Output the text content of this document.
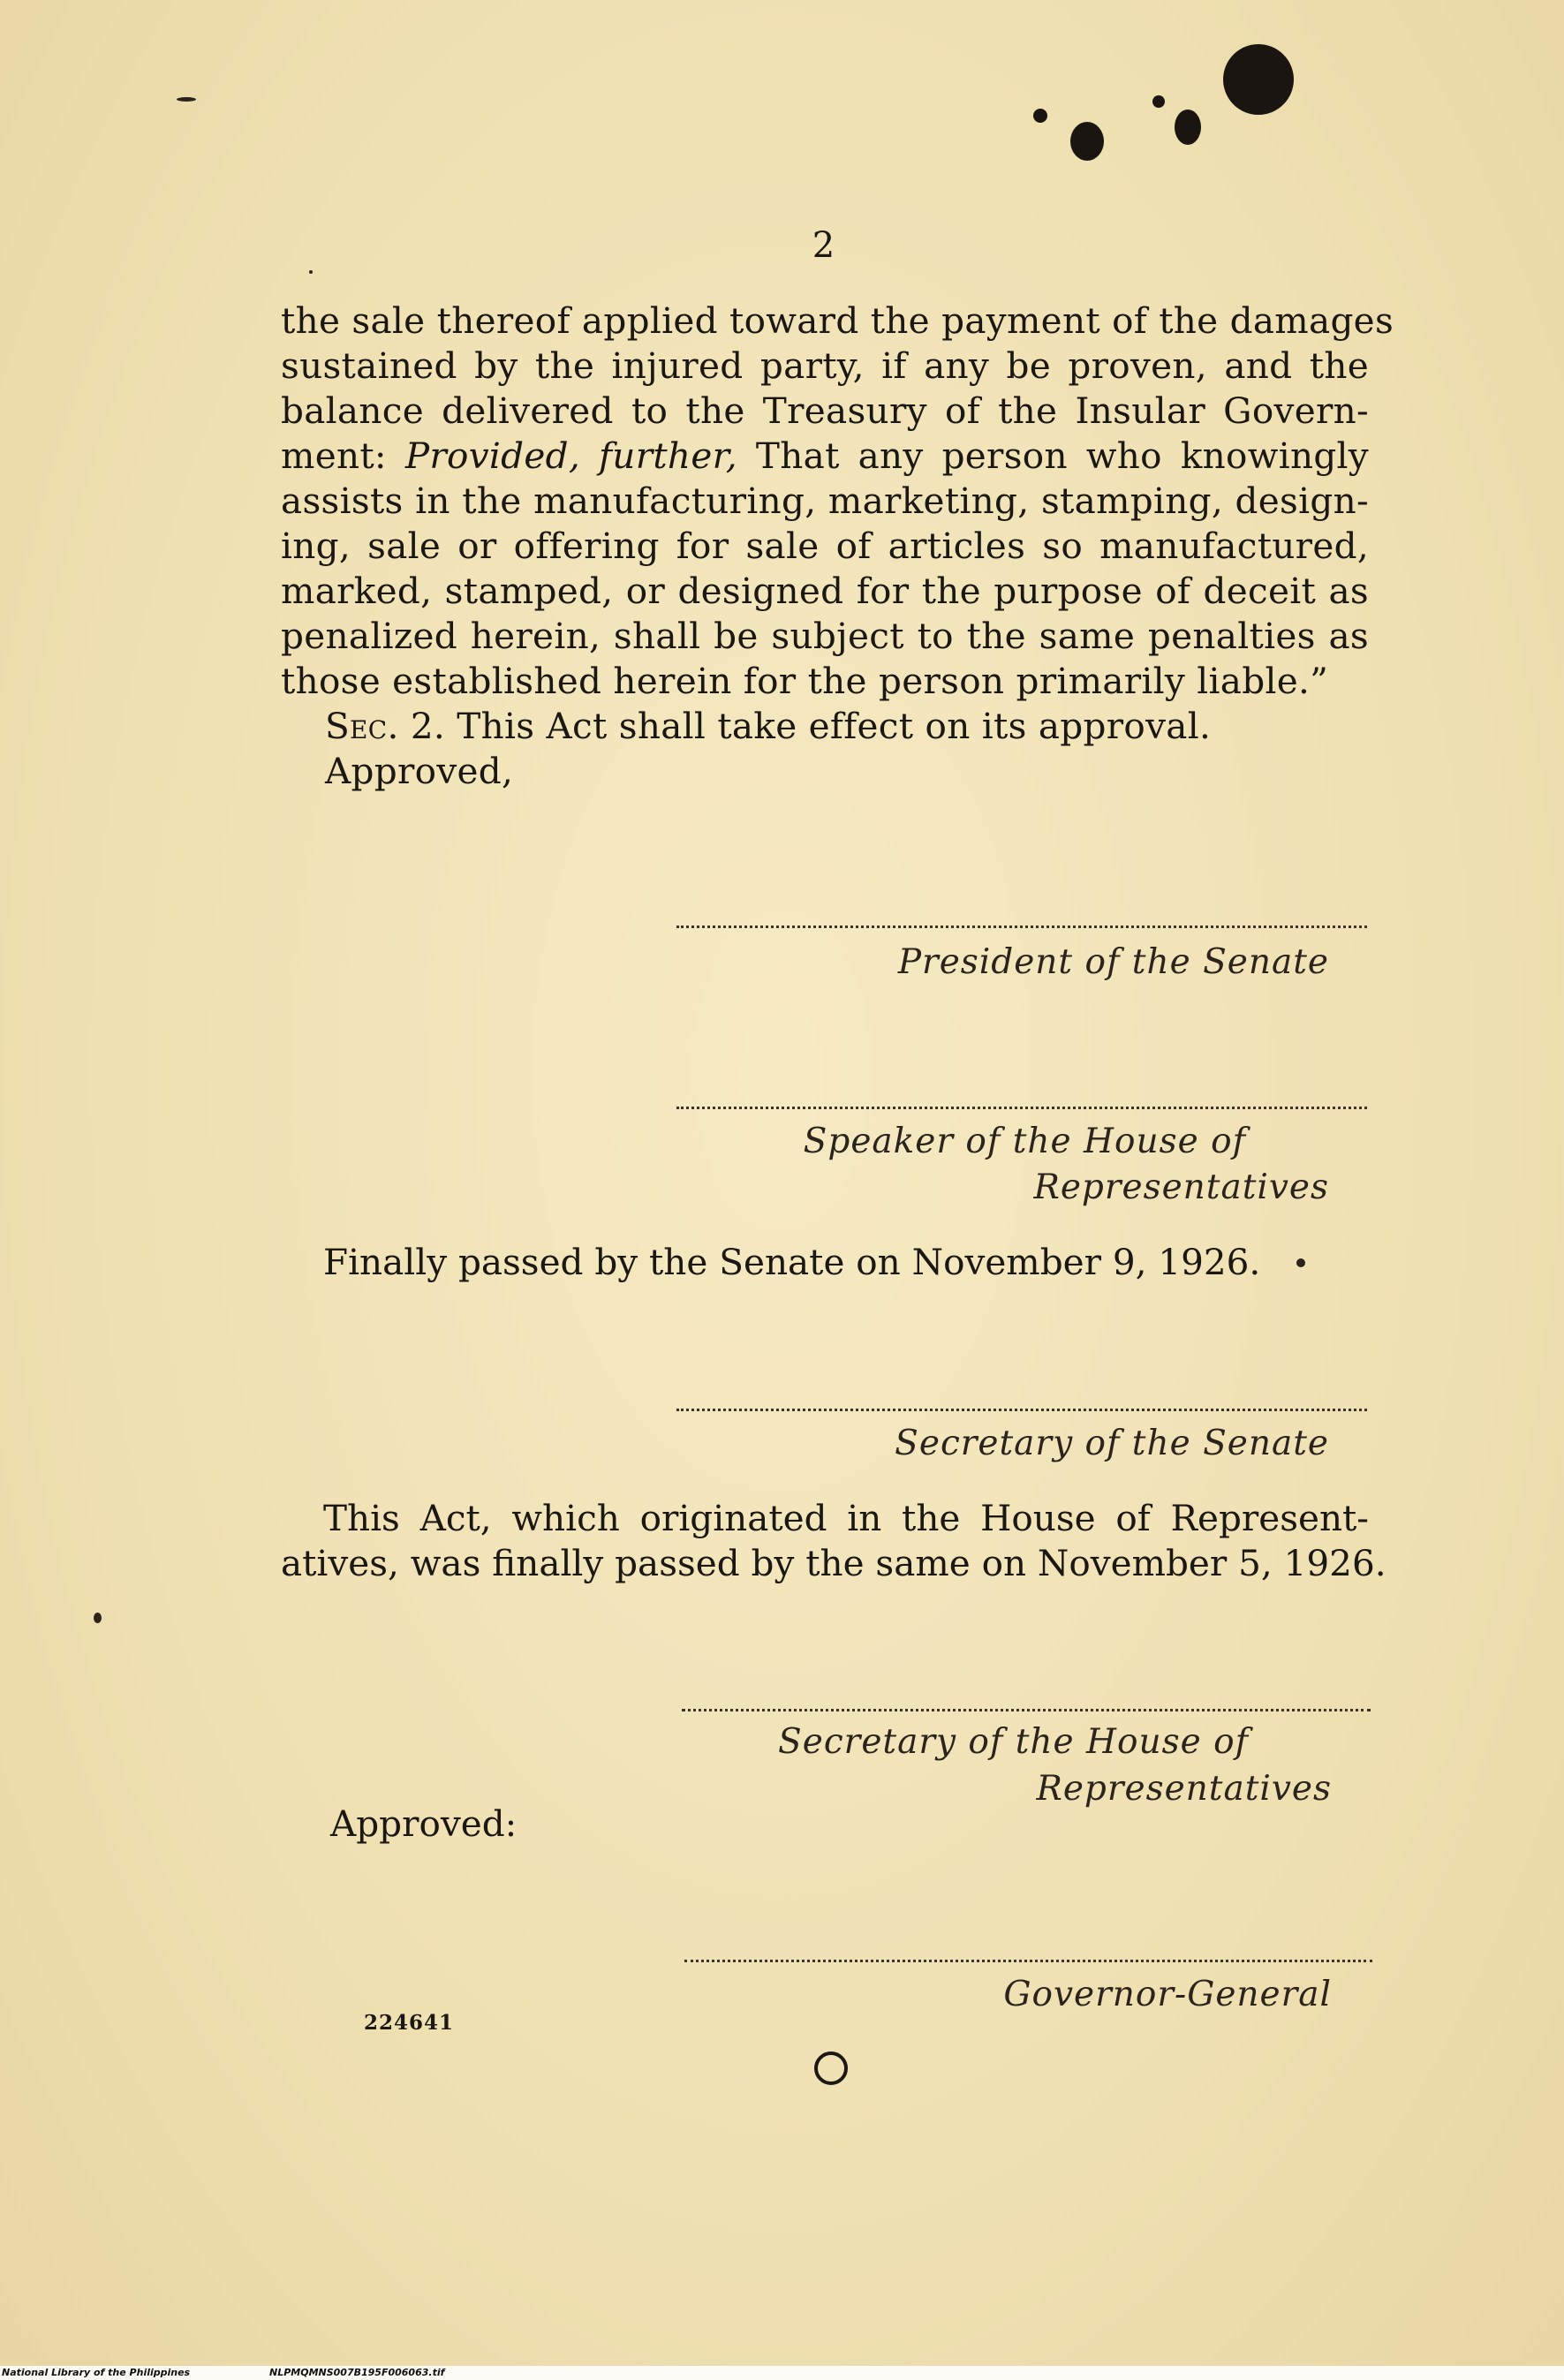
2
the sale thereof applied toward the payment of the damages
sustained by the injured party, if any be proven, and the
balance delivered to the Treasury of the Insular Govern-
ment: Provided, further, That any person who knowingly
assists in the manufacturing, marketing, stamping, design-
ing, sale or offering for sale of articles so manufactured,
marked, stamped, or designed for the purpose of deceit as
penalized herein, shall be subject to the same penalties as
those established herein for the person primarily liable.”
Sec. 2. This Act shall take effect on its approval.
Approved,
President of the Senate
Speaker of the House of
Representatives
Finally passed by the Senate on November 9, 1926.
Secretary of the Senate
This Act, which originated in the House of Represent-
atives, was finally passed by the same on November 5, 1926.
Secretary of the House of
Representatives
Approved:
Governor-General
224641
National Library of the Philippines	NLPMQMNS007B195F006063.tif
